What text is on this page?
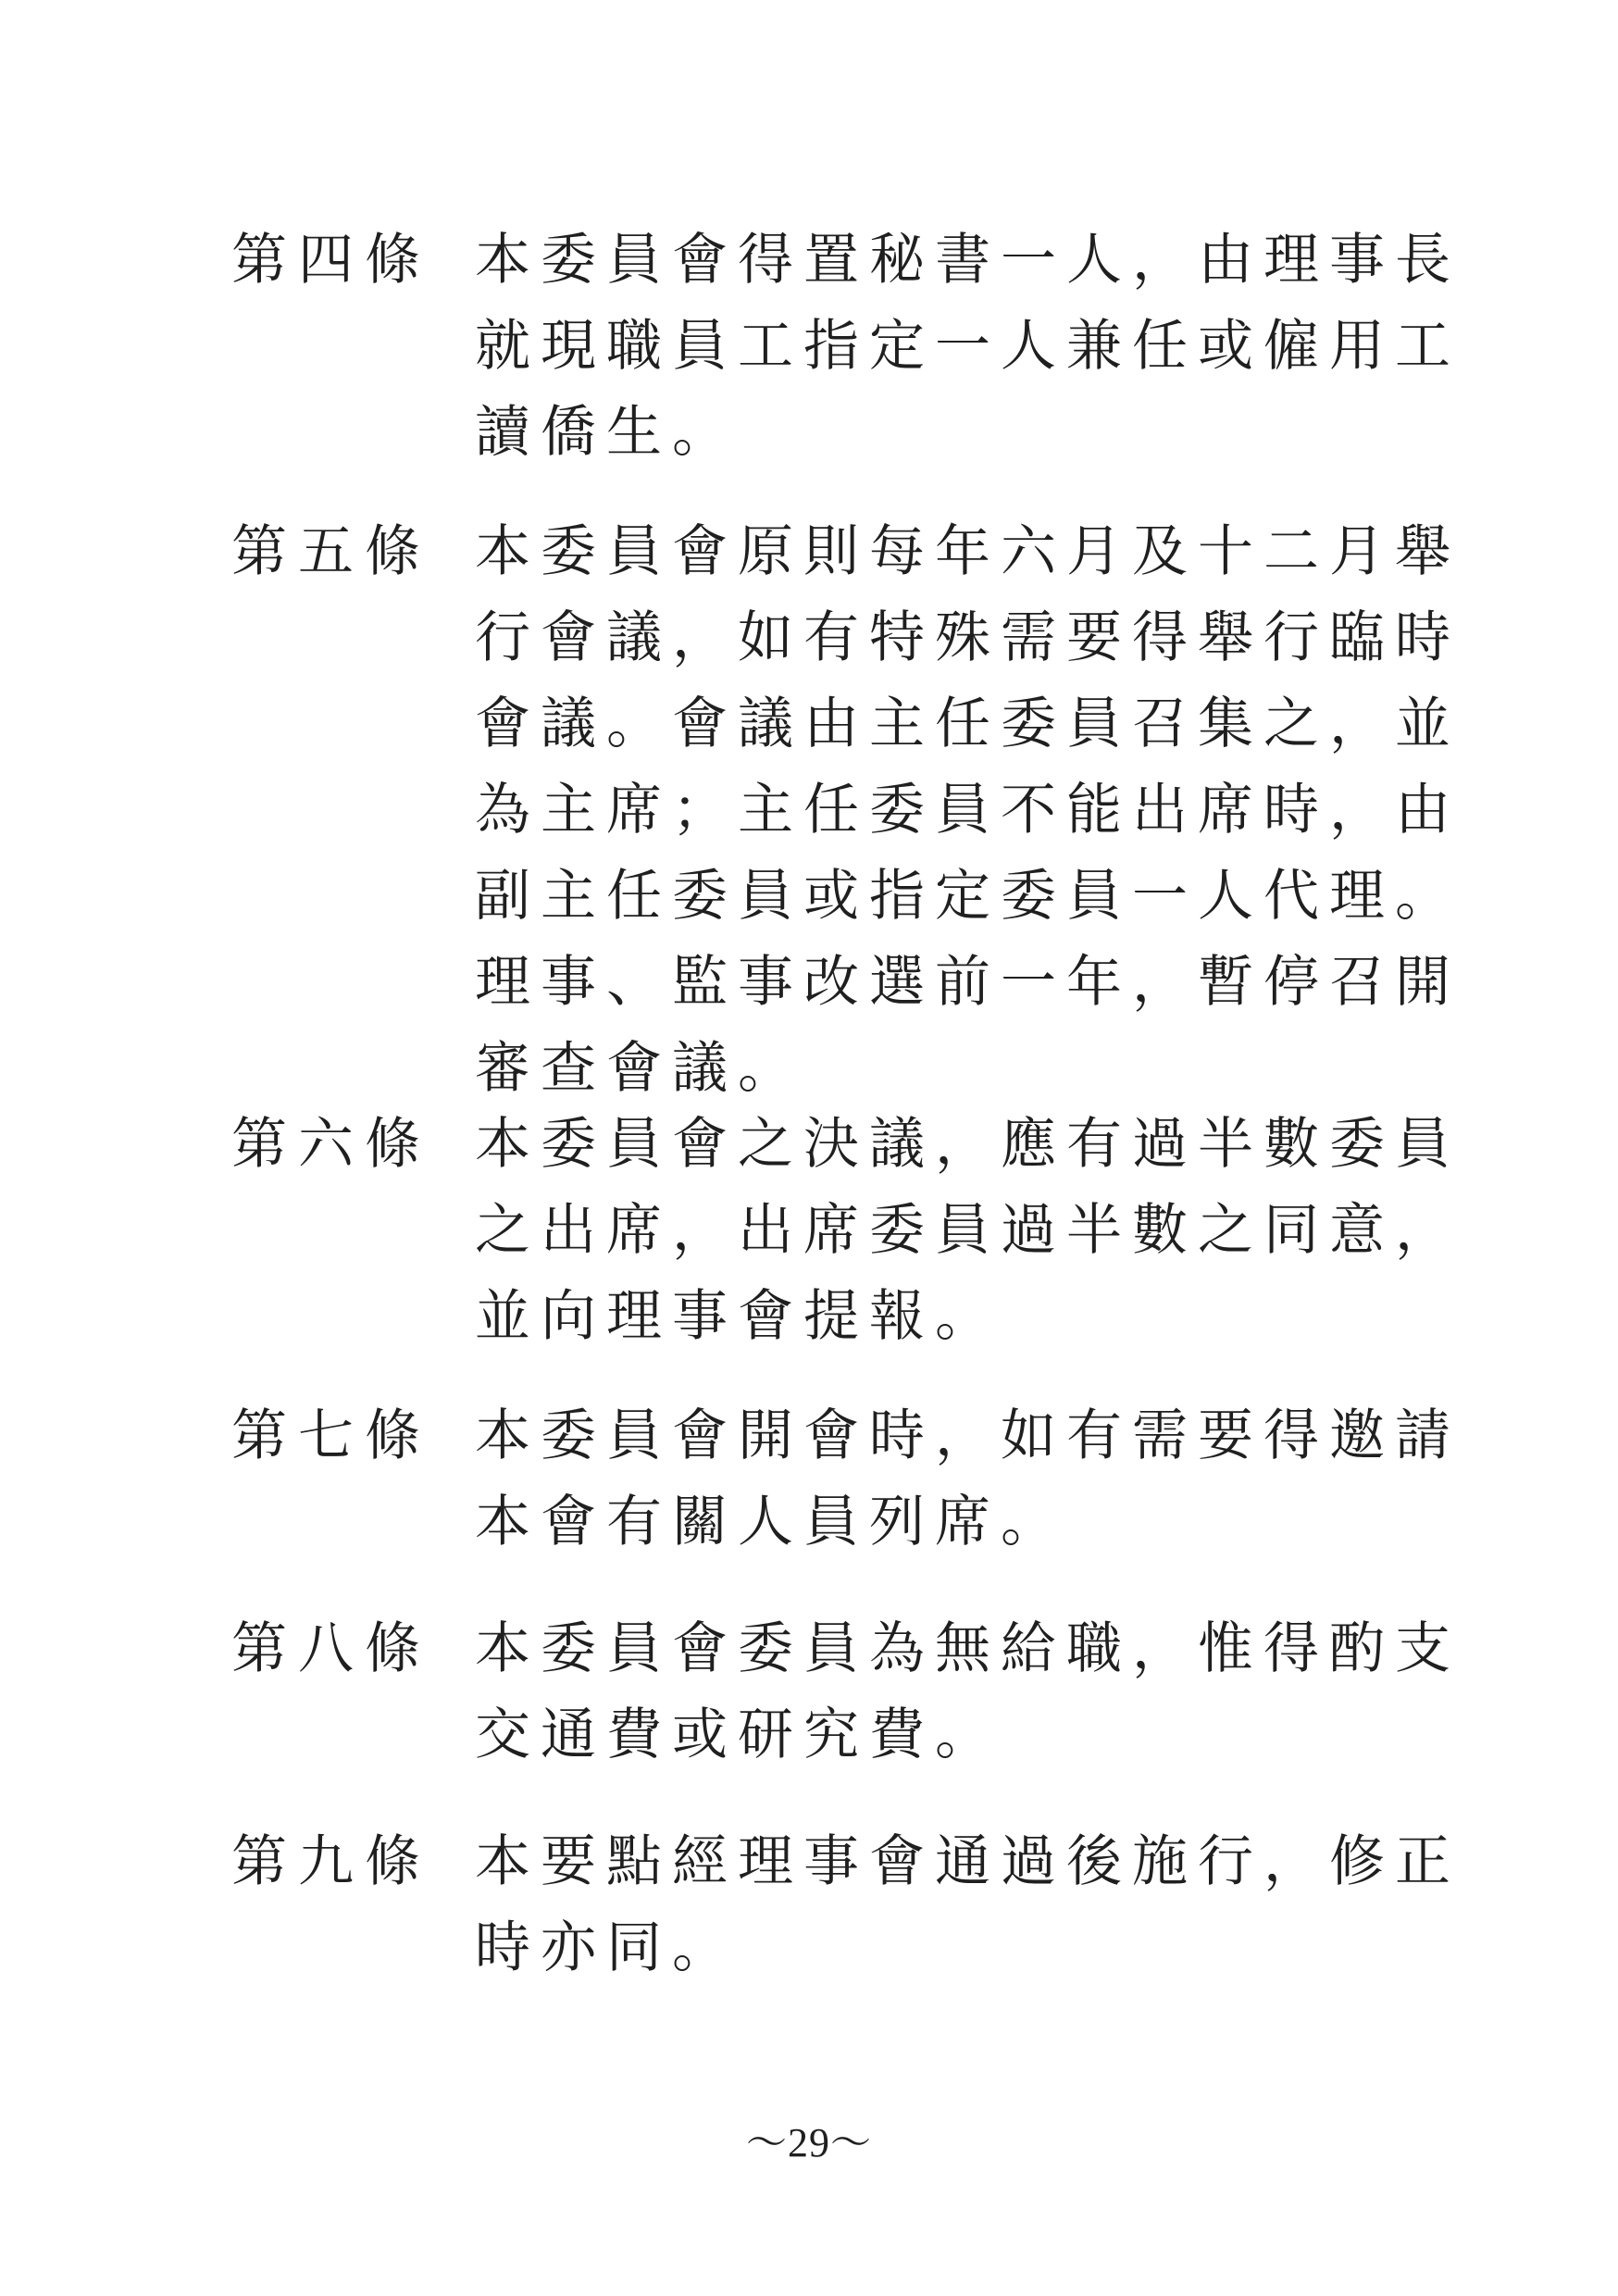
第四條 本委員會得置秘書一人，由理事長
就現職員工指定一人兼任或僱用工
讀僑生。
第五條 本委員會原則每年六月及十二月舉
行會議，如有特殊需要得舉行臨時
會議。會議由主任委員召集之，並
為主席；主任委員不能出席時，由
副主任委員或指定委員一人代理。
理事、監事改選前一年，暫停召開
審查會議。
第六條 本委員會之決議，應有過半數委員
之出席，出席委員過半數之同意，
並向理事會提報。
第七條 本委員會開會時，如有需要得邀請
本會有關人員列席。
第八條 本委員會委員為無給職，惟得酌支
交通費或研究費。
第九條 本要點經理事會通過後施行，修正
時亦同。
～29～
